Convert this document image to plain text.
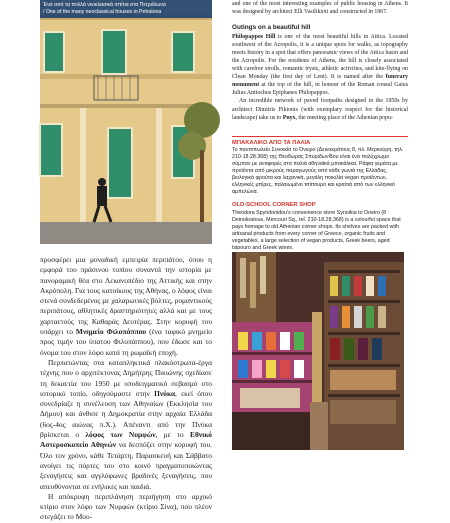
Ένα από τα πολλά νεοκλασικά σπίτια στα Πετράλωνα
/ One of the many neoclassical houses in Petralona

προσφέρει μια μοναδική εμπειρία περιπάτου, όπου η εμφορά του πράσινου τοπίου συναντά την ιστορία με πανοραμική θέα στο Λεκανοπέδιο της Αττικής και στην Ακρόπολη. Για τους κατοίκους της Αθήνας, ο λόφος είναι στενά συνδεδεμένος με χαλαρωτικές βόλτες, ρομαντικούς περιπάτους, αθλητικές δραστηριότητες αλλά και με τους χαρταετούς της Καθαράς Δευτέρας. Στην κορυφή του υπάρχει το Μνημείο Φιλοπάππου (ένα ταφικό μνημείο προς τιμήν του ύπατου Φιλοπάππου), που έδωσε και το όνομα του στον λόφο κατά τη ρωμαϊκή εποχή.

Περπατώντας στα καταπληκτικά πλακόστρωτα-έργα τέχνης που ο αρχιτέκτονας Δημήτρης Πικιώνης σχεδίασε τη δεκαετία του 1950 με υποδειγματικό σεβασμό στο ιστορικό τοπίο, οδηγούμαστε στην Πνύκα, εκεί όπου συνεδρίαζε η συνέλευση των Αθηναίων (Εκκλησία του Δήμου) και άνθισε η Δημοκρατία στην αρχαία Ελλάδα (6ος-4ος αιώνας π.Χ.). Απέναντι από την Πνύκα βρίσκεται ο λόφος των Νυμφών, με το Εθνικό Αστεροσκοπείο Αθηνών να δεσπόζει στην κορυφή του. Όλο τον χρόνο, κάθε Τετάρτη, Παρασκευή και Σάββατο ανοίγει τις πόρτες του στο κοινό πραγματοποιώντας ξεναγήσεις και αγγλόφωνες βραδινές ξεναγήσεις, που απευθύνονται σε ενήλικες και παιδιά.

Η απόκρυφη περιπλάνηση περιήγηση στο αρχικό κτίριο στον λόφο των Νυμφών (κτίριο Σίνα), που πλέον στεγάζει το Μου-

and one of the most interesting examples of public housing in Athens. It was designed by architect Elli Vasilikioti and constructed in 1967.

Outings on a beautiful hill

Philopappos Hill is one of the most beautiful hills in Attica. Located southwest of the Acropolis, it is a unique spots for walks, as topography meets history in a spot that offers panoramic views of the Attica basin and the Acropolis. For the residents of Athens, the hill is closely associated with carefree strolls, romantic trysts, athletic activities, and kite-flying on Clean Monday (the first day of Lent). It is named after the funerary monument at the top of the hill, in honour of the Roman consul Gaius Julius Antiochus Epiphanes Philopappos.

An incredible network of paved footpaths designed in the 1950s by architect Dimitris Pikionis (with exemplary respect for the historical landscape) take us to Pnyx, the meeting place of the Athenian popu-

ΜΠΑΚΑΛΙΚΟ ΑΠΟ ΤΑ ΠΑΛΙΑ
Το παντοπωλείο Συνοικία το Όνειρο (Δεινοκράτους 8, πλ. Μερκούρη, τηλ. 210-18.28.368) της Θεοδώρας Σπυριδωνίδου είναι ένα πολύχρωμο σύμπαν με αναφορές στα παλιά αθηναϊκά μπακάλικα. Ράφια γεμάτα με προϊόντα από μικρούς παραγωγούς από κάθε γωνιά της Ελλάδας, βιολογικά φρούτα και λαχανικά, μεγάλη ποικιλία vegan προϊόντων, ελληνικές μπίρες, παλαιωμένο τσίπουρο και κρασιά από των ελληνικό αμπελώνα.
OLD-SCHOOL CORNER SHOP
Theodora Spyridonidou's convenience store Synoikia to Oneiro (8 Deinokratous, Mercouri Sq., tel. 210-18.28.368) is a colourful space that pays homage to old Athenian corner shops. Its shelves are packed with artisanal products from every corner of Greece, organic fruits and vegetables, a large selection of vegan products, Greek beers, aged tsipouro and Greek wines.
